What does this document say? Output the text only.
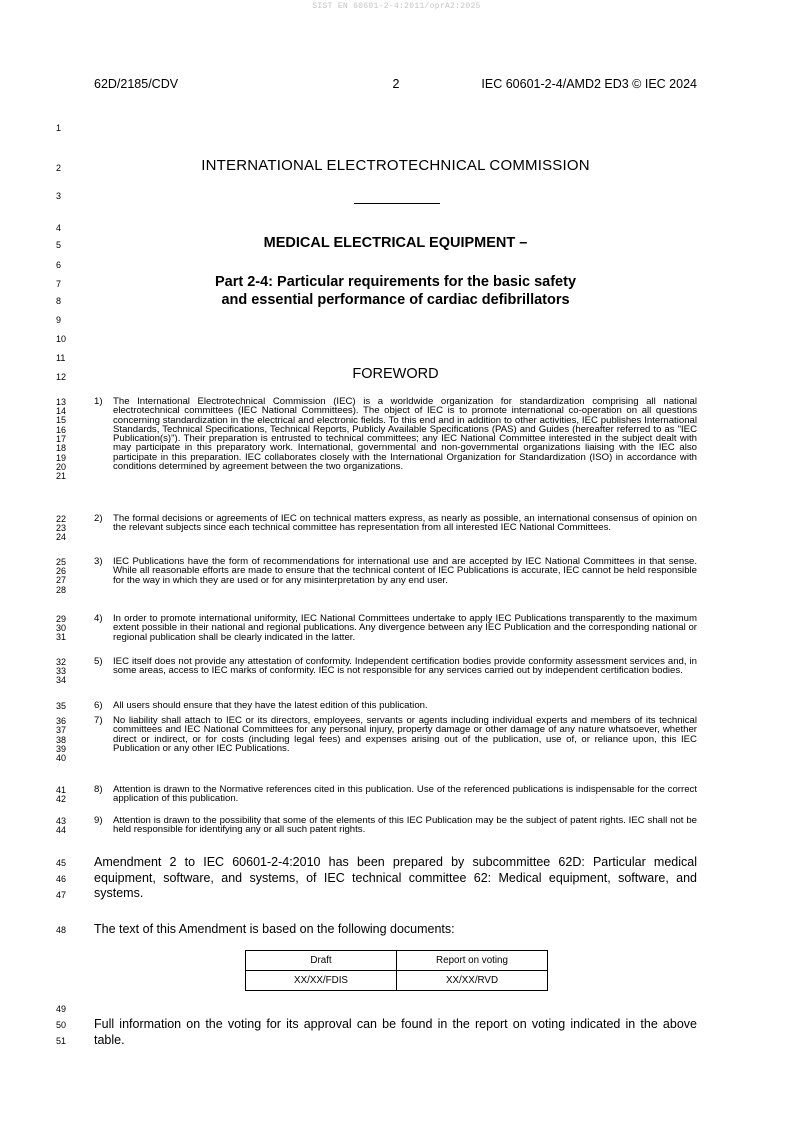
SIST EN 60601-2-4:2011/oprA2:2025
62D/2185/CDV	2	IEC 60601-2-4/AMD2 ED3 © IEC 2024
1
2
3
4
5
6
7
8
9
10
11
12
13
14
15
16
17
18
19
20
21
22
23
24
25
26
27
28
29
30
31
32
33
34
35
36
37
38
39
40
41
42
43
44
45
46
47
48
49
50
51
INTERNATIONAL ELECTROTECHNICAL COMMISSION
MEDICAL ELECTRICAL EQUIPMENT –
Part 2-4: Particular requirements for the basic safety
and essential performance of cardiac defibrillators
FOREWORD
1)	The International Electrotechnical Commission (IEC) is a worldwide organization for standardization comprising all national electrotechnical committees (IEC National Committees). The object of IEC is to promote international co-operation on all questions concerning standardization in the electrical and electronic fields. To this end and in addition to other activities, IEC publishes International Standards, Technical Specifications, Technical Reports, Publicly Available Specifications (PAS) and Guides (hereafter referred to as "IEC Publication(s)"). Their preparation is entrusted to technical committees; any IEC National Committee interested in the subject dealt with may participate in this preparatory work. International, governmental and non-governmental organizations liaising with the IEC also participate in this preparation. IEC collaborates closely with the International Organization for Standardization (ISO) in accordance with conditions determined by agreement between the two organizations.
2)	The formal decisions or agreements of IEC on technical matters express, as nearly as possible, an international consensus of opinion on the relevant subjects since each technical committee has representation from all interested IEC National Committees.
3)	IEC Publications have the form of recommendations for international use and are accepted by IEC National Committees in that sense. While all reasonable efforts are made to ensure that the technical content of IEC Publications is accurate, IEC cannot be held responsible for the way in which they are used or for any misinterpretation by any end user.
4)	In order to promote international uniformity, IEC National Committees undertake to apply IEC Publications transparently to the maximum extent possible in their national and regional publications. Any divergence between any IEC Publication and the corresponding national or regional publication shall be clearly indicated in the latter.
5)	IEC itself does not provide any attestation of conformity. Independent certification bodies provide conformity assessment services and, in some areas, access to IEC marks of conformity. IEC is not responsible for any services carried out by independent certification bodies.
6)	All users should ensure that they have the latest edition of this publication.
7)	No liability shall attach to IEC or its directors, employees, servants or agents including individual experts and members of its technical committees and IEC National Committees for any personal injury, property damage or other damage of any nature whatsoever, whether direct or indirect, or for costs (including legal fees) and expenses arising out of the publication, use of, or reliance upon, this IEC Publication or any other IEC Publications.
8)	Attention is drawn to the Normative references cited in this publication. Use of the referenced publications is indispensable for the correct application of this publication.
9)	Attention is drawn to the possibility that some of the elements of this IEC Publication may be the subject of patent rights. IEC shall not be held responsible for identifying any or all such patent rights.
Amendment 2 to IEC 60601-2-4:2010 has been prepared by subcommittee 62D: Particular medical equipment, software, and systems, of IEC technical committee 62: Medical equipment, software, and systems.
The text of this Amendment is based on the following documents:
Draft	Report on voting
XX/XX/FDIS	XX/XX/RVD
Full information on the voting for its approval can be found in the report on voting indicated in the above table.
